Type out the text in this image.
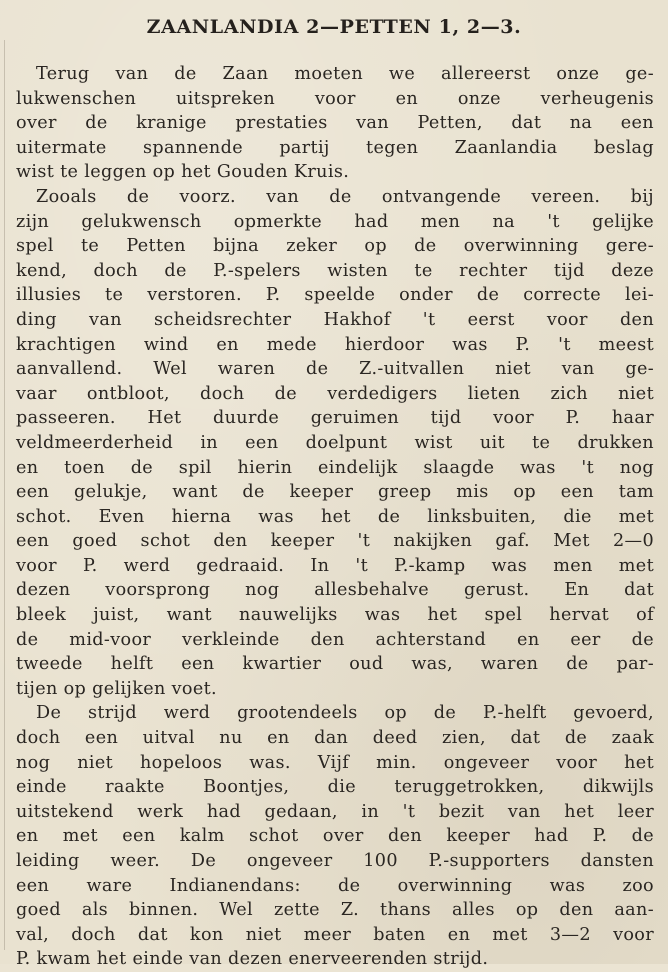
ZAANLANDIA 2—PETTEN 1, 2—3.

Terug van de Zaan moeten we allereerst onze ge-
lukwenschen uitspreken voor en onze verheugenis
over de kranige prestaties van Petten, dat na een
uitermate spannende partij tegen Zaanlandia beslag
wist te leggen op het Gouden Kruis.

Zooals de voorz. van de ontvangende vereen. bij
zijn gelukwensch opmerkte had men na 't gelijke
spel te Petten bijna zeker op de overwinning gere-
kend, doch de P.-spelers wisten te rechter tijd deze
illusies te verstoren. P. speelde onder de correcte lei-
ding van scheidsrechter Hakhof 't eerst voor den
krachtigen wind en mede hierdoor was P. 't meest
aanvallend. Wel waren de Z.-uitvallen niet van ge-
vaar ontbloot, doch de verdedigers lieten zich niet
passeeren. Het duurde geruimen tijd voor P. haar
veldmeerderheid in een doelpunt wist uit te drukken
en toen de spil hierin eindelijk slaagde was 't nog
een gelukje, want de keeper greep mis op een tam
schot. Even hierna was het de linksbuiten, die met
een goed schot den keeper 't nakijken gaf. Met 2—0
voor P. werd gedraaid. In 't P.-kamp was men met
dezen voorsprong nog allesbehalve gerust. En dat
bleek juist, want nauwelijks was het spel hervat of
de mid-voor verkleinde den achterstand en eer de
tweede helft een kwartier oud was, waren de par-
tijen op gelijken voet.

De strijd werd grootendeels op de P.-helft gevoerd,
doch een uitval nu en dan deed zien, dat de zaak
nog niet hopeloos was. Vijf min. ongeveer voor het
einde raakte Boontjes, die teruggetrokken, dikwijls
uitstekend werk had gedaan, in 't bezit van het leer
en met een kalm schot over den keeper had P. de
leiding weer. De ongeveer 100 P.-supporters dansten
een ware Indianendans: de overwinning was zoo
goed als binnen. Wel zette Z. thans alles op den aan-
val, doch dat kon niet meer baten en met 3—2 voor
P. kwam het einde van dezen enerveerenden strijd.
